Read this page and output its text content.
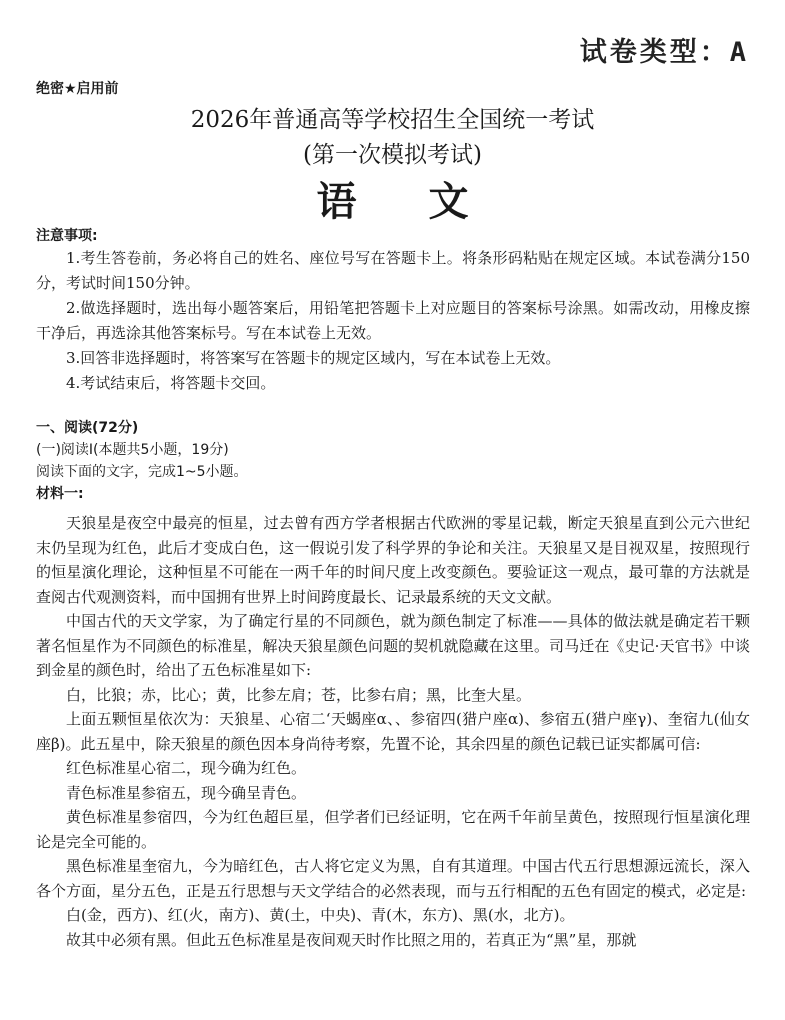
试卷类型：A
绝密★启用前
2026年普通高等学校招生全国统一考试
(第一次模拟考试)
语文
注意事项:
1.考生答卷前，务必将自己的姓名、座位号写在答题卡上。将条形码粘贴在规定区域。本试卷满分150分，考试时间150分钟。
2.做选择题时，选出每小题答案后，用铅笔把答题卡上对应题目的答案标号涂黑。如需改动，用橡皮擦干净后，再选涂其他答案标号。写在本试卷上无效。
3.回答非选择题时，将答案写在答题卡的规定区域内，写在本试卷上无效。
4.考试结束后，将答题卡交回。
一、阅读(72分)
(一)阅读Ⅰ(本题共5小题，19分)
阅读下面的文字，完成1~5小题。
材料一:

天狼星是夜空中最亮的恒星，过去曾有西方学者根据古代欧洲的零星记载，断定天狼星直到公元六世纪末仍呈现为红色，此后才变成白色，这一假说引发了科学界的争论和关注。天狼星又是目视双星，按照现行的恒星演化理论，这种恒星不可能在一两千年的时间尺度上改变颜色。要验证这一观点，最可靠的方法就是查阅古代观测资料，而中国拥有世界上时间跨度最长、记录最系统的天文文献。

中国古代的天文学家，为了确定行星的不同颜色，就为颜色制定了标准——具体的做法就是确定若干颗著名恒星作为不同颜色的标准星，解决天狼星颜色问题的契机就隐藏在这里。司马迁在《史记·天官书》中谈到金星的颜色时，给出了五色标准星如下:

白，比狼；赤，比心；黄，比参左肩；苍，比参右肩；黑，比奎大星。

上面五颗恒星依次为：天狼星、心宿二‘天蝎座α、、参宿四(猎户座α)、参宿五(猎户座γ)、奎宿九(仙女座β)。此五星中，除天狼星的颜色因本身尚待考察，先置不论，其余四星的颜色记载已证实都属可信:

红色标准星心宿二，现今确为红色。

青色标准星参宿五，现今确呈青色。

黄色标准星参宿四，今为红色超巨星，但学者们已经证明，它在两千年前呈黄色，按照现行恒星演化理论是完全可能的。

黑色标准星奎宿九，今为暗红色，古人将它定义为黑，自有其道理。中国古代五行思想源远流长，深入各个方面，星分五色，正是五行思想与天文学结合的必然表现，而与五行相配的五色有固定的模式，必定是:

白(金，西方)、红(火，南方)、黄(土，中央)、青(木，东方)、黑(水，北方)。

故其中必须有黑。但此五色标准星是夜间观天时作比照之用的，若真正为“黑”星，那就
